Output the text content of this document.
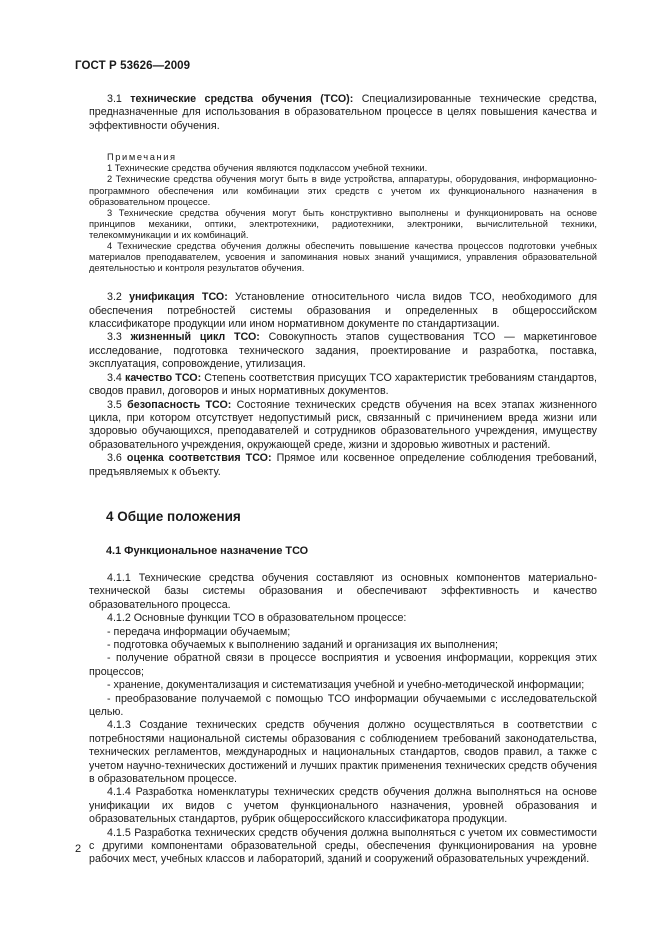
ГОСТ Р 53626—2009

3.1 технические средства обучения (ТСО): Специализированные технические средства, предназначенные для использования в образовательном процессе в целях повышения качества и эффективности обучения.

Примечания

1 Технические средства обучения являются подклассом учебной техники.

2 Технические средства обучения могут быть в виде устройства, аппаратуры, оборудования, информационно-программного обеспечения или комбинации этих средств с учетом их функционального назначения в образовательном процессе.

3 Технические средства обучения могут быть конструктивно выполнены и функционировать на основе принципов механики, оптики, электротехники, радиотехники, электроники, вычислительной техники, телекоммуникации и их комбинаций.

4 Технические средства обучения должны обеспечить повышение качества процессов подготовки учебных материалов преподавателем, усвоения и запоминания новых знаний учащимися, управления образовательной деятельностью и контроля результатов обучения.

3.2 унификация ТСО: Установление относительного числа видов ТСО, необходимого для обеспечения потребностей системы образования и определенных в общероссийском классификаторе продукции или ином нормативном документе по стандартизации.

3.3 жизненный цикл ТСО: Совокупность этапов существования ТСО — маркетинговое исследование, подготовка технического задания, проектирование и разработка, поставка, эксплуатация, сопровождение, утилизация.

3.4 качество ТСО: Степень соответствия присущих ТСО характеристик требованиям стандартов, сводов правил, договоров и иных нормативных документов.

3.5 безопасность ТСО: Состояние технических средств обучения на всех этапах жизненного цикла, при котором отсутствует недопустимый риск, связанный с причинением вреда жизни или здоровью обучающихся, преподавателей и сотрудников образовательного учреждения, имуществу образовательного учреждения, окружающей среде, жизни и здоровью животных и растений.

3.6 оценка соответствия ТСО: Прямое или косвенное определение соблюдения требований, предъявляемых к объекту.

4 Общие положения
4.1 Функциональное назначение ТСО

4.1.1 Технические средства обучения составляют из основных компонентов материально-технической базы системы образования и обеспечивают эффективность и качество образовательного процесса.

4.1.2 Основные функции ТСО в образовательном процессе:

- передача информации обучаемым;

- подготовка обучаемых к выполнению заданий и организация их выполнения;

- получение обратной связи в процессе восприятия и усвоения информации, коррекция этих процессов;

- хранение, документализация и систематизация учебной и учебно-методической информации;

- преобразование получаемой с помощью ТСО информации обучаемыми с исследовательской целью.

4.1.3 Создание технических средств обучения должно осуществляться в соответствии с потребностями национальной системы образования с соблюдением требований законодательства, технических регламентов, международных и национальных стандартов, сводов правил, а также с учетом научно-технических достижений и лучших практик применения технических средств обучения в образовательном процессе.

4.1.4 Разработка номенклатуры технических средств обучения должна выполняться на основе унификации их видов с учетом функционального назначения, уровней образования и образовательных стандартов, рубрик общероссийского классификатора продукции.

4.1.5 Разработка технических средств обучения должна выполняться с учетом их совместимости с другими компонентами образовательной среды, обеспечения функционирования на уровне рабочих мест, учебных классов и лабораторий, зданий и сооружений образовательных учреждений.

2
